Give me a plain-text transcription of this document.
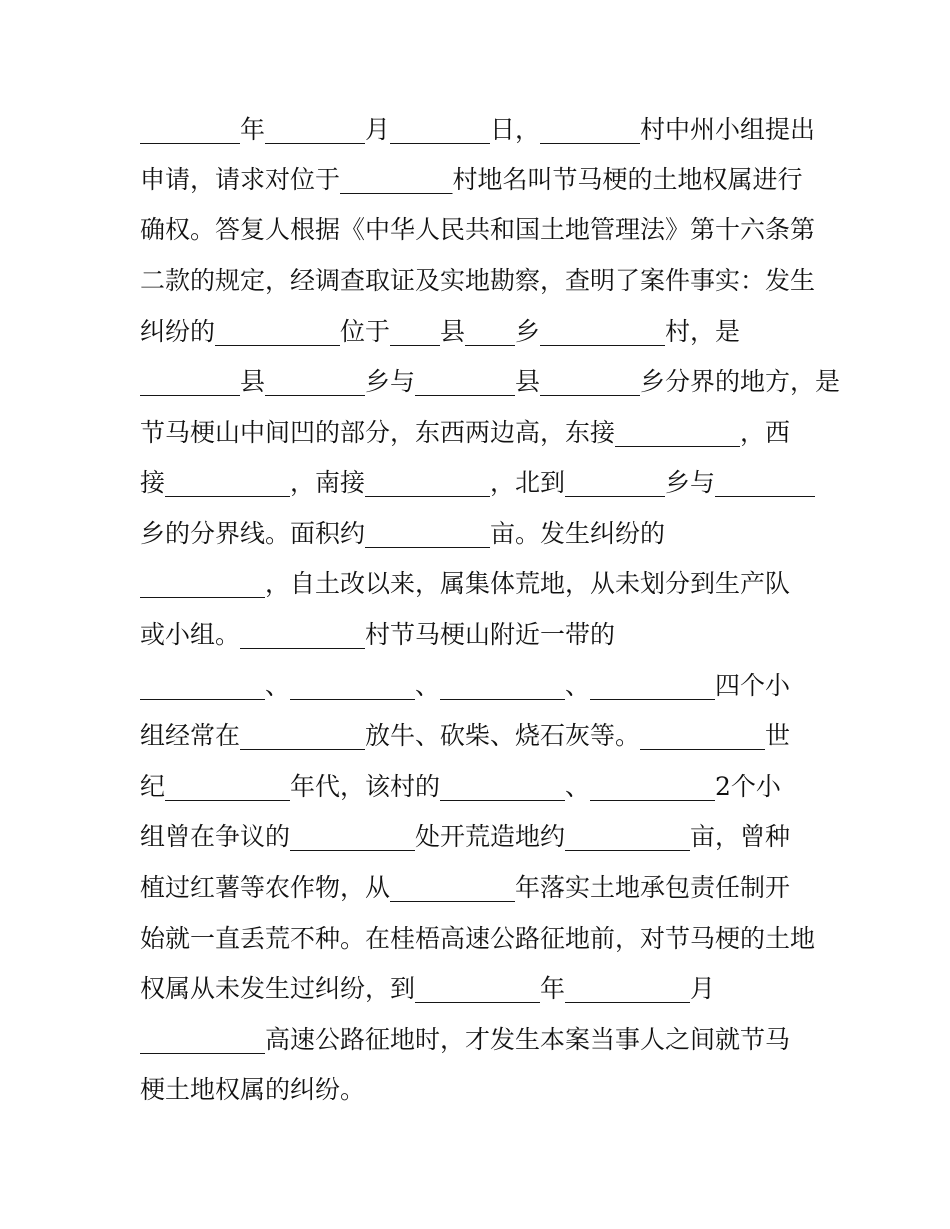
________年________月________日，________村中州小组提出
申请，请求对位于_________村地名叫节马梗的土地权属进行
确权。答复人根据《中华人民共和国土地管理法》第十六条第
二款的规定，经调查取证及实地勘察，查明了案件事实：发生
纠纷的__________位于____县____乡__________村，是
________县________乡与________县________乡分界的地方，是
节马梗山中间凹的部分，东西两边高，东接__________，西
接__________，南接__________，北到________乡与________
乡的分界线。面积约__________亩。发生纠纷的
__________，自土改以来，属集体荒地，从未划分到生产队
或小组。__________村节马梗山附近一带的
__________、__________、__________、__________四个小
组经常在__________放牛、砍柴、烧石灰等。__________世
纪__________年代，该村的__________、__________2个小
组曾在争议的__________处开荒造地约__________亩，曾种
植过红薯等农作物，从__________年落实土地承包责任制开
始就一直丢荒不种。在桂梧高速公路征地前，对节马梗的土地
权属从未发生过纠纷，到__________年__________月
__________高速公路征地时，才发生本案当事人之间就节马
梗土地权属的纠纷。
